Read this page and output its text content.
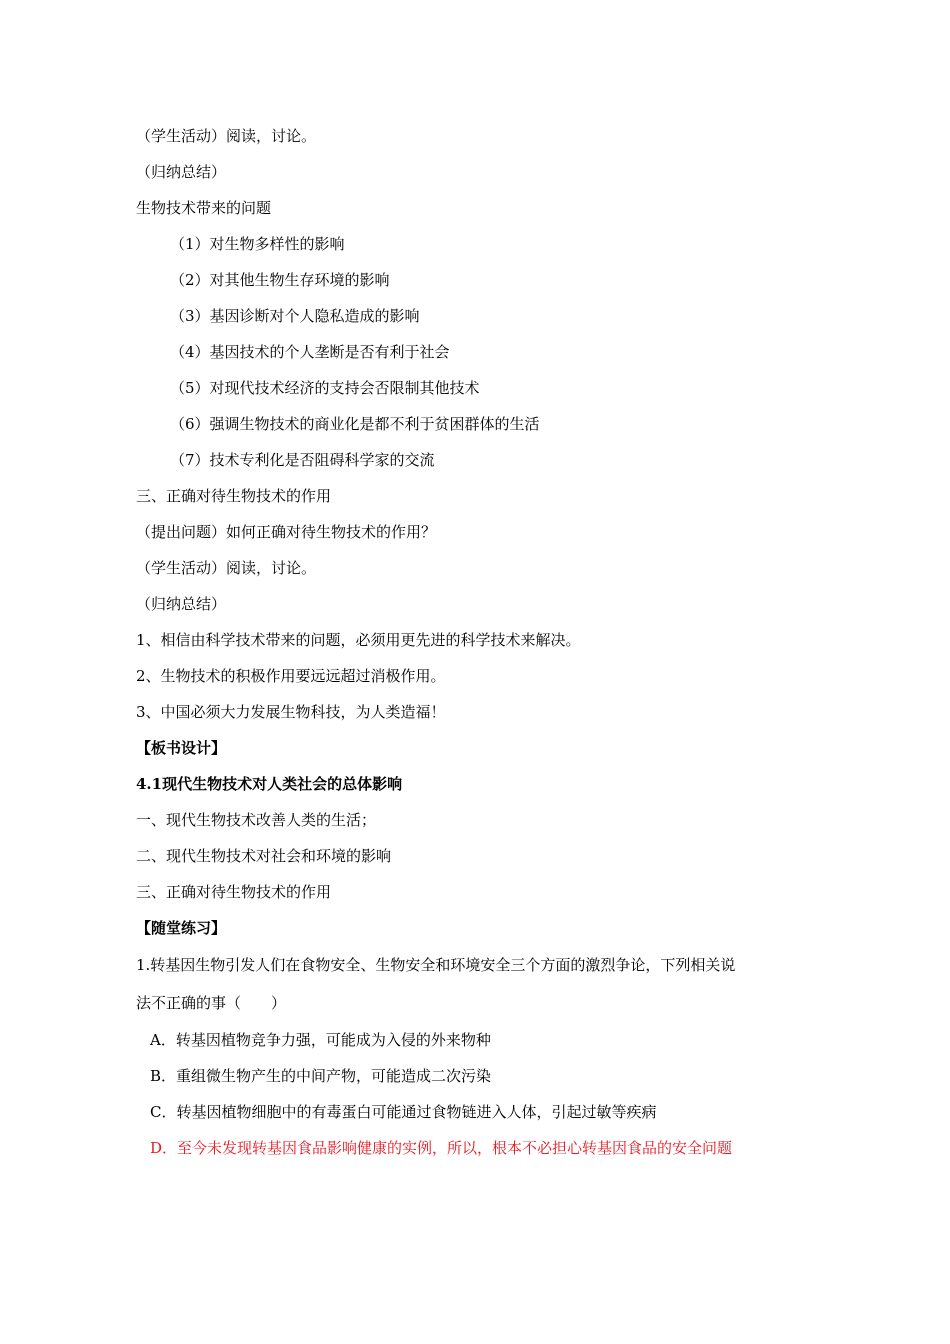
（学生活动）阅读，讨论。
（归纳总结）
生物技术带来的问题
（1）对生物多样性的影响
（2）对其他生物生存环境的影响
（3）基因诊断对个人隐私造成的影响
（4）基因技术的个人垄断是否有利于社会
（5）对现代技术经济的支持会否限制其他技术
（6）强调生物技术的商业化是都不利于贫困群体的生活
（7）技术专利化是否阻碍科学家的交流
三、正确对待生物技术的作用
（提出问题）如何正确对待生物技术的作用？
（学生活动）阅读，讨论。
（归纳总结）
1、相信由科学技术带来的问题，必须用更先进的科学技术来解决。
2、生物技术的积极作用要远远超过消极作用。
3、中国必须大力发展生物科技，为人类造福！
【板书设计】
4.1现代生物技术对人类社会的总体影响
一、现代生物技术改善人类的生活；
二、现代生物技术对社会和环境的影响
三、正确对待生物技术的作用
【随堂练习】
1.转基因生物引发人们在食物安全、生物安全和环境安全三个方面的激烈争论，下列相关说
法不正确的事（　　）
A．转基因植物竞争力强，可能成为入侵的外来物种
B．重组微生物产生的中间产物，可能造成二次污染
C．转基因植物细胞中的有毒蛋白可能通过食物链进入人体，引起过敏等疾病
D．至今未发现转基因食品影响健康的实例，所以，根本不必担心转基因食品的安全问题
